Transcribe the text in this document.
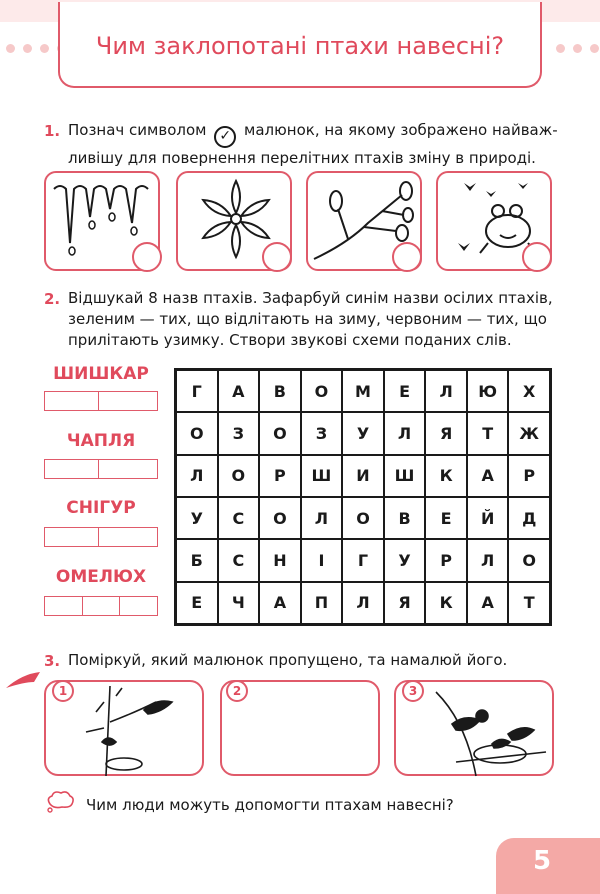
Чим заклопотані птахи навесні?
1. Познач символом ✓ малюнок, на якому зображено найваж-
ливішу для повернення перелітних птахів зміну в природі.
2. Відшукай 8 назв птахів. Зафарбуй синім назви осілих птахів,
зеленим — тих, що відлітають на зиму, червоним — тих, що
прилітають узимку. Створи звукові схеми поданих слів.
ШИШКАР
ЧАПЛЯ
СНІГУР
ОМЕЛЮХ
Г	А	В	О	М	Е	Л	Ю	Х
О	З	О	З	У	Л	Я	Т	Ж
Л	О	Р	Ш	И	Ш	К	А	Р
У	С	О	Л	О	В	Е	Й	Д
Б	С	Н	І	Г	У	Р	Л	О
Е	Ч	А	П	Л	Я	К	А	Т
3. Поміркуй, який малюнок пропущено, та намалюй його.
1	2	3
Чим люди можуть допомогти птахам навесні?
5
